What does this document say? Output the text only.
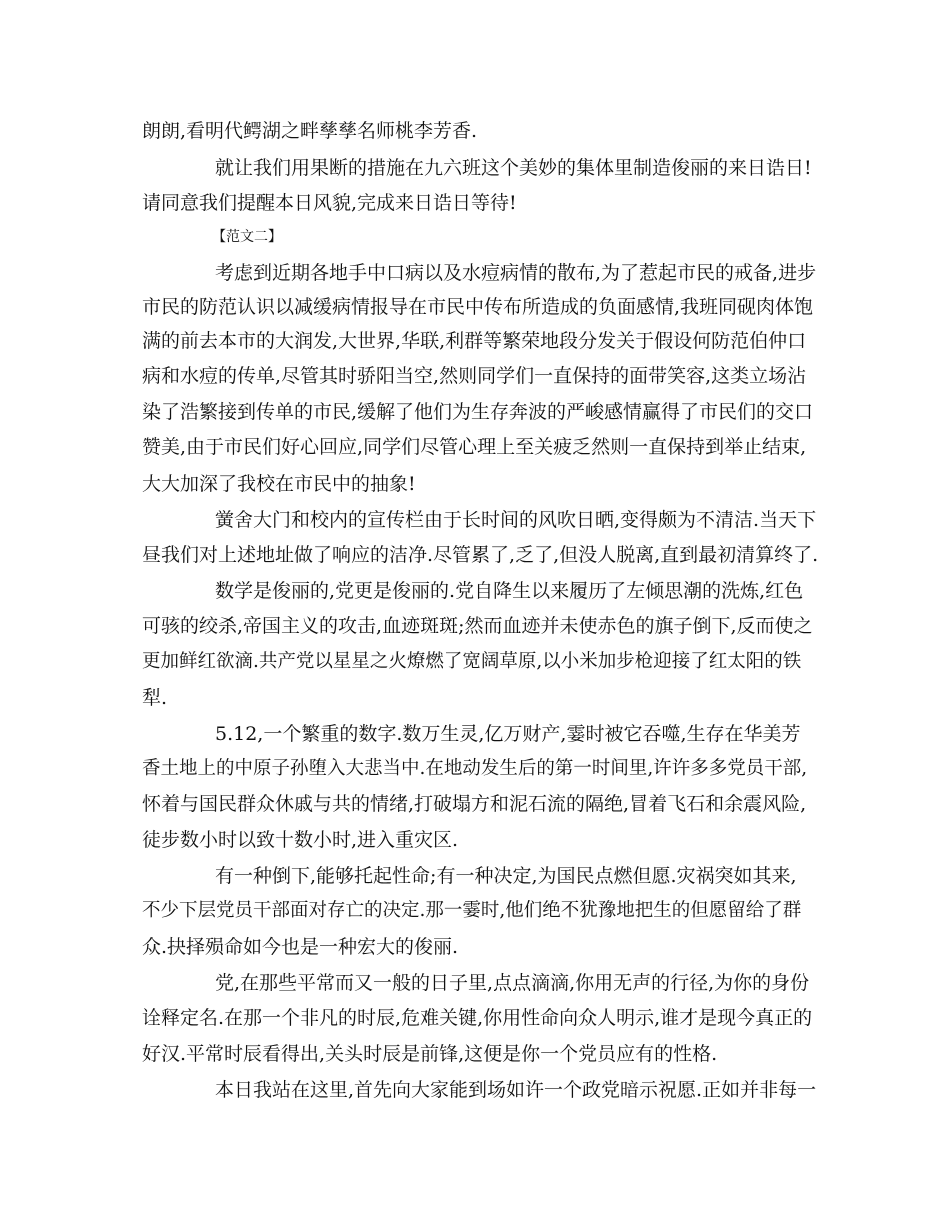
朗朗,看明代鳄湖之畔孳孳名师桃李芳香.
就让我们用果断的措施在九六班这个美妙的集体里制造俊丽的来日诰日!
请同意我们提醒本日风貌,完成来日诰日等待!
【范文二】
考虑到近期各地手中口病以及水痘病情的散布,为了惹起市民的戒备,进步
市民的防范认识以减缓病情报导在市民中传布所造成的负面感情,我班同砚肉体饱
满的前去本市的大润发,大世界,华联,利群等繁荣地段分发关于假设何防范伯仲口
病和水痘的传单,尽管其时骄阳当空,然则同学们一直保持的面带笑容,这类立场沾
染了浩繁接到传单的市民,缓解了他们为生存奔波的严峻感情赢得了市民们的交口
赞美,由于市民们好心回应,同学们尽管心理上至关疲乏然则一直保持到举止结束,
大大加深了我校在市民中的抽象!
黉舍大门和校内的宣传栏由于长时间的风吹日晒,变得颇为不清洁.当天下
昼我们对上述地址做了响应的洁净.尽管累了,乏了,但没人脱离,直到最初清算终了.
数学是俊丽的,党更是俊丽的.党自降生以来履历了左倾思潮的洗炼,红色
可骇的绞杀,帝国主义的攻击,血迹斑斑;然而血迹并未使赤色的旗子倒下,反而使之
更加鲜红欲滴.共产党以星星之火燎燃了宽阔草原,以小米加步枪迎接了红太阳的铁
犁.
5.12,一个繁重的数字.数万生灵,亿万财产,霎时被它吞噬,生存在华美芳
香土地上的中原子孙堕入大悲当中.在地动发生后的第一时间里,许许多多党员干部,
怀着与国民群众休戚与共的情绪,打破塌方和泥石流的隔绝,冒着飞石和余震风险,
徒步数小时以致十数小时,进入重灾区.
有一种倒下,能够托起性命;有一种决定,为国民点燃但愿.灾祸突如其来,
不少下层党员干部面对存亡的决定.那一霎时,他们绝不犹豫地把生的但愿留给了群
众.抉择殒命如今也是一种宏大的俊丽.
党,在那些平常而又一般的日子里,点点滴滴,你用无声的行径,为你的身份
诠释定名.在那一个非凡的时辰,危难关键,你用性命向众人明示,谁才是现今真正的
好汉.平常时辰看得出,关头时辰是前锋,这便是你一个党员应有的性格.
本日我站在这里,首先向大家能到场如许一个政党暗示祝愿.正如并非每一
